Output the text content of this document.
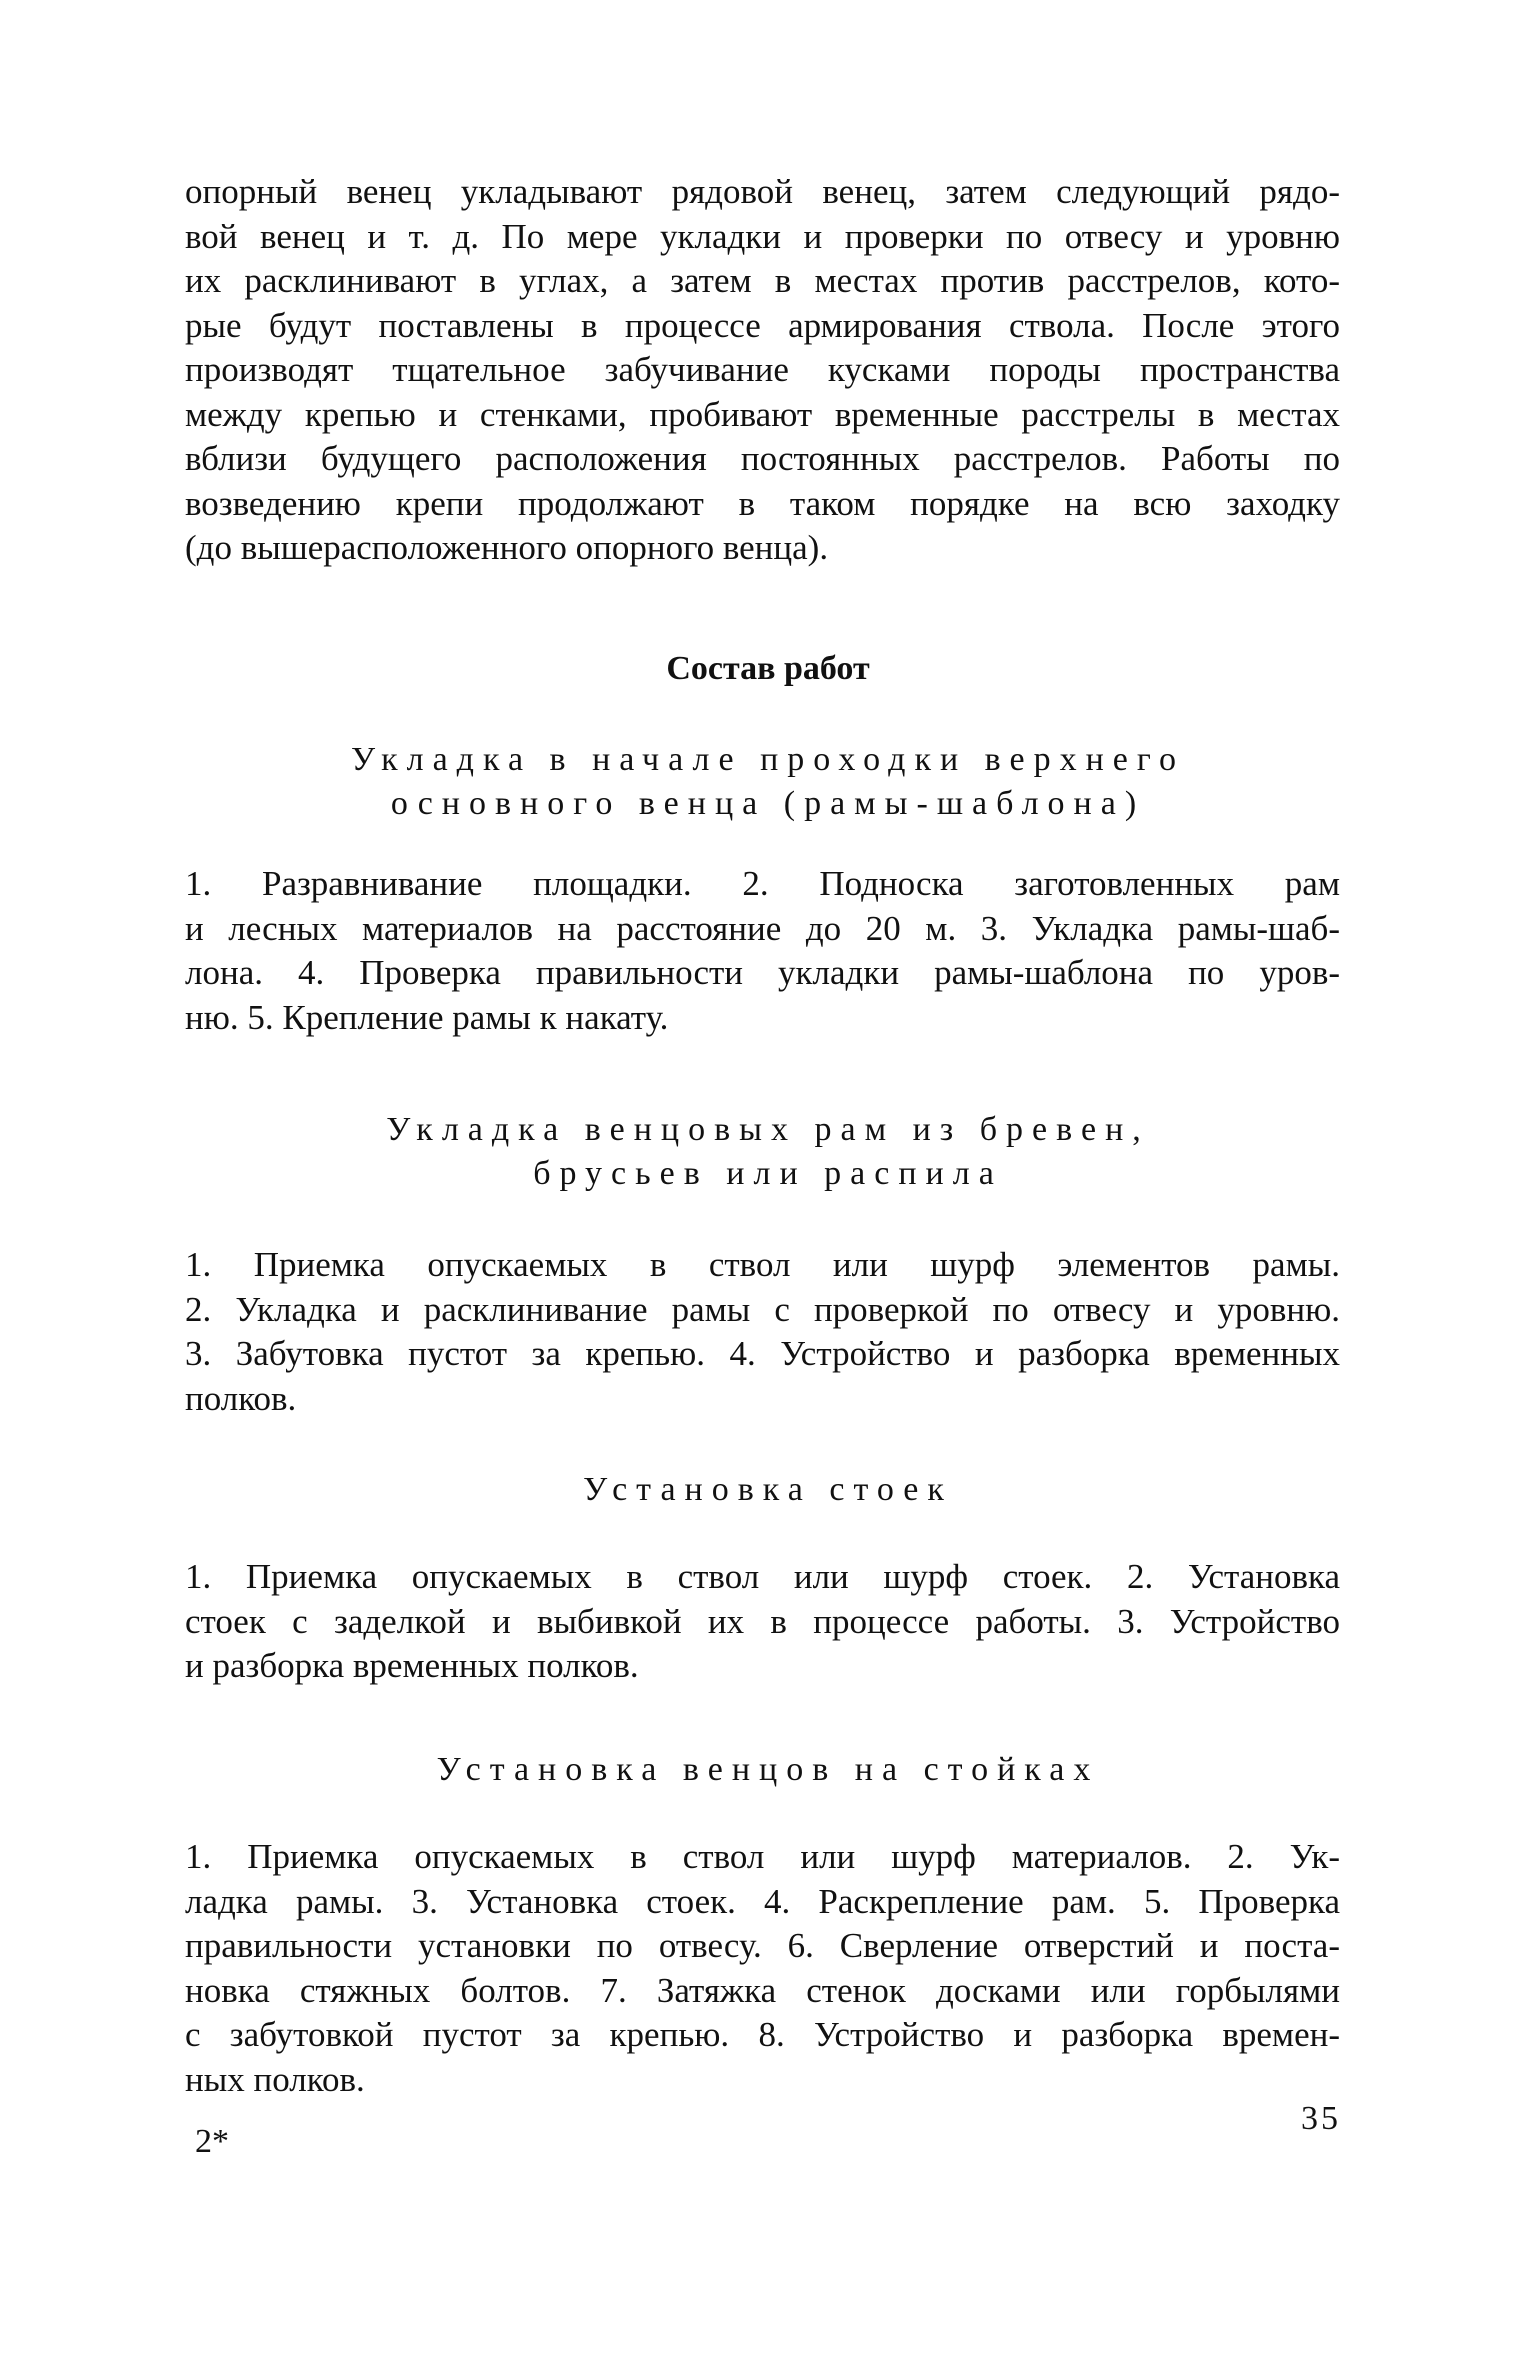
опорный венец укладывают рядовой венец, затем следующий рядо-
вой венец и т. д. По мере укладки и проверки по отвесу и уровню
их расклинивают в углах, а затем в местах против расстрелов, кото-
рые будут поставлены в процессе армирования ствола. После этого
производят тщательное забучивание кусками породы пространства
между крепью и стенками, пробивают временные расстрелы в местах
вблизи будущего расположения постоянных расстрелов. Работы по
возведению крепи продолжают в таком порядке на всю заходку
(до вышерасположенного опорного венца).
Состав работ
Укладка в начале проходки верхнего
основного венца (рамы-шаблона)
1. Разравнивание площадки. 2. Подноска заготовленных рам
и лесных материалов на расстояние до 20 м. 3. Укладка рамы-шаб-
лона. 4. Проверка правильности укладки рамы-шаблона по уров-
ню. 5. Крепление рамы к накату.
Укладка венцовых рам из бревен,
брусьев или распила
1. Приемка опускаемых в ствол или шурф элементов рамы.
2. Укладка и расклинивание рамы с проверкой по отвесу и уровню.
3. Забутовка пустот за крепью. 4. Устройство и разборка временных
полков.
Установка стоек
1. Приемка опускаемых в ствол или шурф стоек. 2. Установка
стоек с заделкой и выбивкой их в процессе работы. 3. Устройство
и разборка временных полков.
Установка венцов на стойках
1. Приемка опускаемых в ствол или шурф материалов. 2. Ук-
ладка рамы. 3. Установка стоек. 4. Раскрепление рам. 5. Проверка
правильности установки по отвесу. 6. Сверление отверстий и поста-
новка стяжных болтов. 7. Затяжка стенок досками или горбылями
с забутовкой пустот за крепью. 8. Устройство и разборка времен-
ных полков.
2*
35
